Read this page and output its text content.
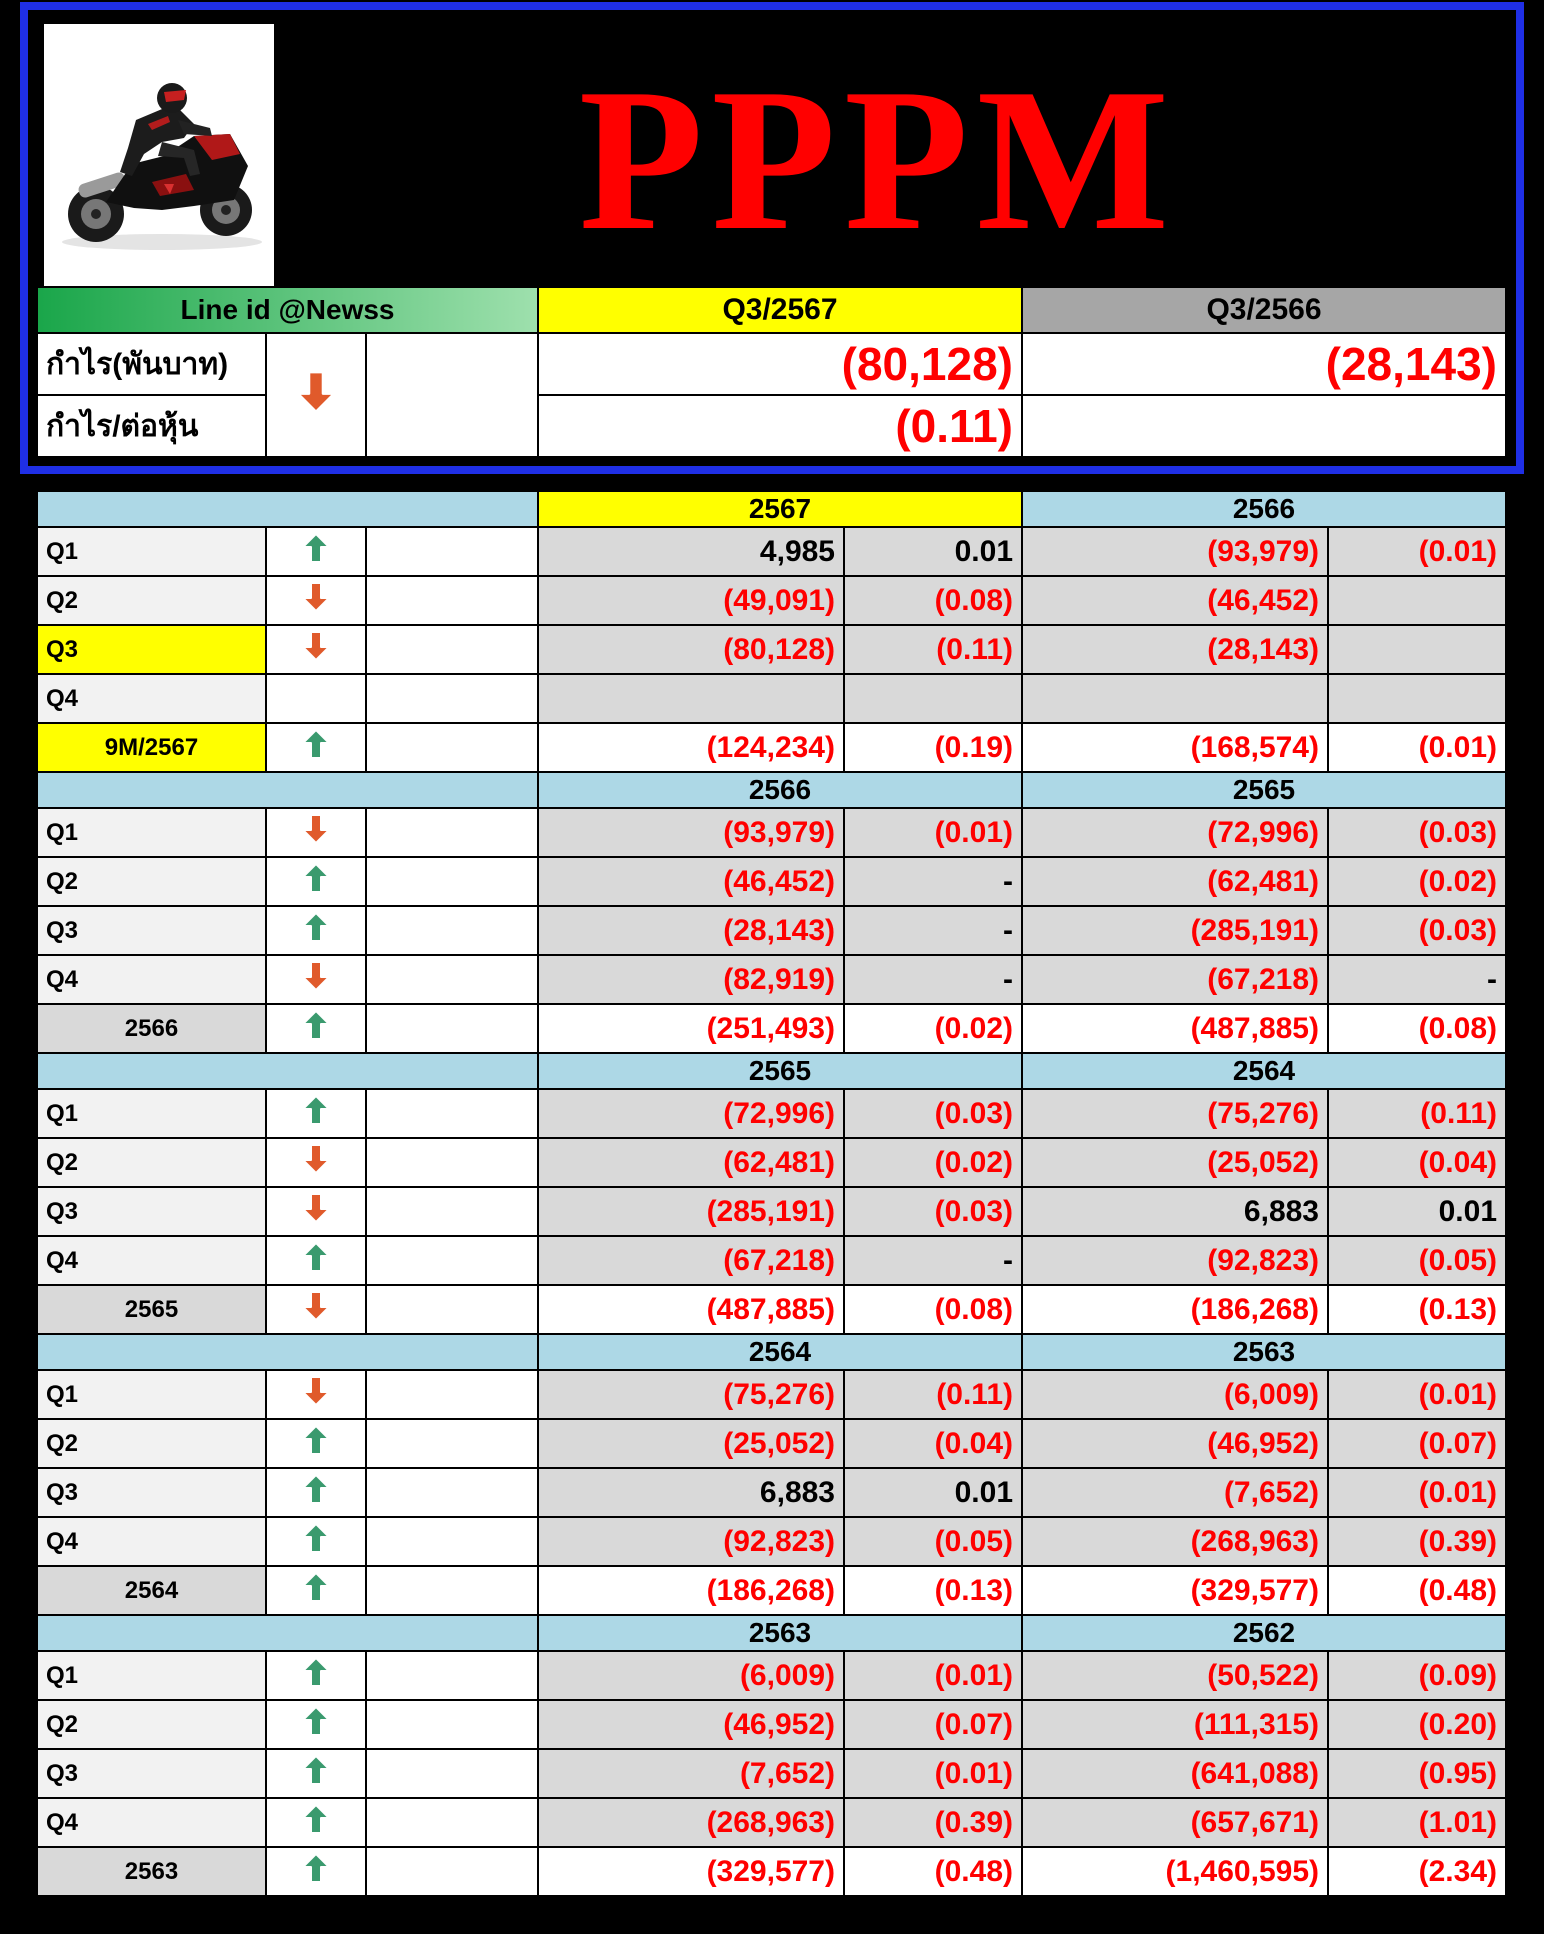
PPPM
Line id @Newss			Q3/2567	Q3/2566
กำไร(พันบาท)			(80,128)	(28,143)
กำไร/ต่อหุ้น			(0.11)	
			2567		2566	
Q1			4,985	0.01	(93,979)	(0.01)
Q2			(49,091)	(0.08)	(46,452)	
Q3			(80,128)	(0.11)	(28,143)	
Q4						
9M/2567			(124,234)	(0.19)	(168,574)	(0.01)
			2566		2565	
Q1			(93,979)	(0.01)	(72,996)	(0.03)
Q2			(46,452)	-	(62,481)	(0.02)
Q3			(28,143)	-	(285,191)	(0.03)
Q4			(82,919)	-	(67,218)	-
2566			(251,493)	(0.02)	(487,885)	(0.08)
			2565		2564	
Q1			(72,996)	(0.03)	(75,276)	(0.11)
Q2			(62,481)	(0.02)	(25,052)	(0.04)
Q3			(285,191)	(0.03)	6,883	0.01
Q4			(67,218)	-	(92,823)	(0.05)
2565			(487,885)	(0.08)	(186,268)	(0.13)
			2564		2563	
Q1			(75,276)	(0.11)	(6,009)	(0.01)
Q2			(25,052)	(0.04)	(46,952)	(0.07)
Q3			6,883	0.01	(7,652)	(0.01)
Q4			(92,823)	(0.05)	(268,963)	(0.39)
2564			(186,268)	(0.13)	(329,577)	(0.48)
			2563		2562	
Q1			(6,009)	(0.01)	(50,522)	(0.09)
Q2			(46,952)	(0.07)	(111,315)	(0.20)
Q3			(7,652)	(0.01)	(641,088)	(0.95)
Q4			(268,963)	(0.39)	(657,671)	(1.01)
2563			(329,577)	(0.48)	(1,460,595)	(2.34)
